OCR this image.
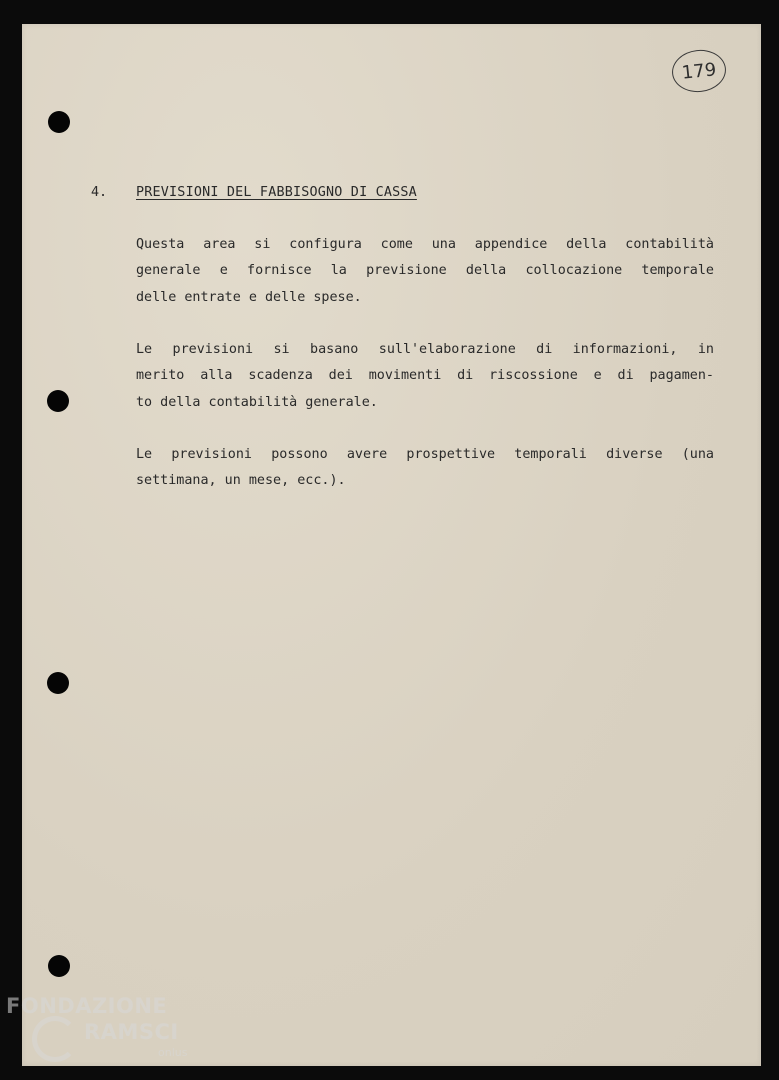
179
4. PREVISIONI DEL FABBISOGNO DI CASSA
Questa area si configura come una appendice della contabilità
generale e fornisce la previsione della collocazione temporale
delle entrate e delle spese.
Le previsioni si basano sull'elaborazione di informazioni, in
merito alla scadenza dei movimenti di riscossione e di pagamen-
to della contabilità generale.
Le previsioni possono avere prospettive temporali diverse (una
settimana, un mese, ecc.).
FONDAZIONE
RAMSCI
onlus
